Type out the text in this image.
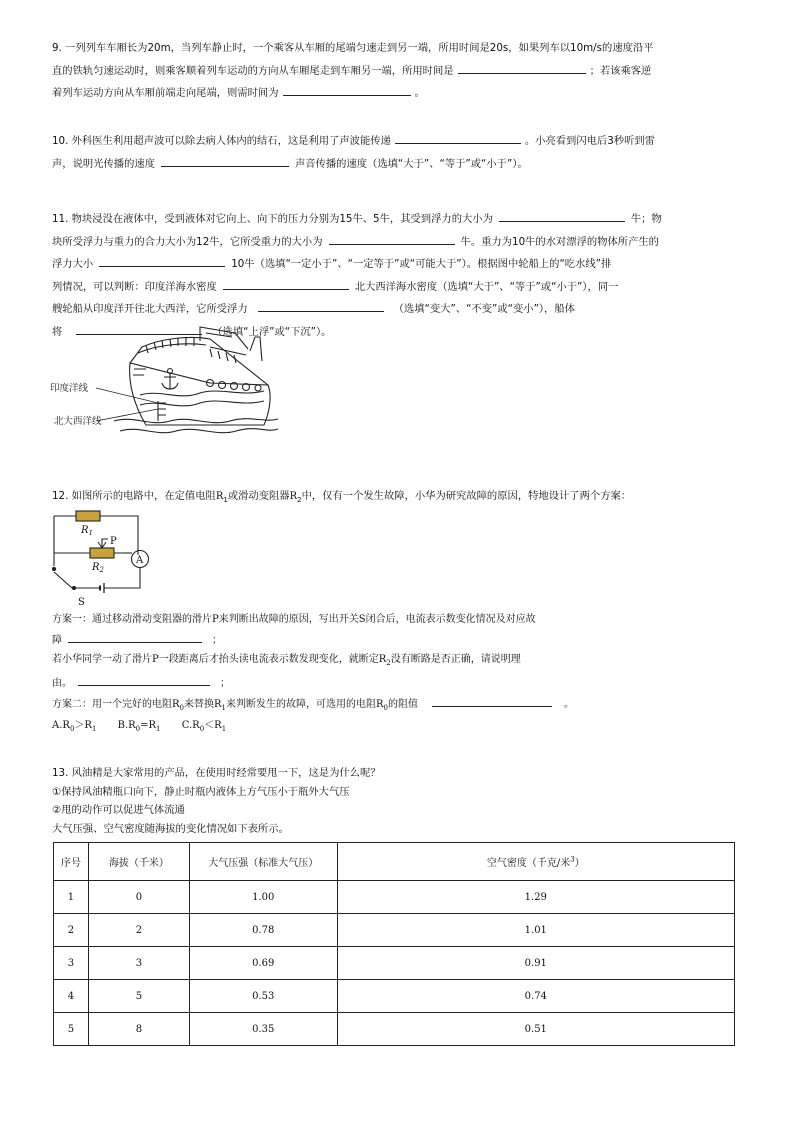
9. 一列列车车厢长为20m，当列车静止时，一个乘客从车厢的尾端匀速走到另一端，所用时间是20s，如果列车以10m/s的速度沿平
直的铁轨匀速运动时，则乘客顺着列车运动的方向从车厢尾走到车厢另一端，所用时间是	；若该乘客逆
着列车运动方向从车厢前端走向尾端，则需时间为	。
10. 外科医生利用超声波可以除去病人体内的结石，这是利用了声波能传递	。小亮看到闪电后3秒听到雷
声，说明光传播的速度	声音传播的速度（选填“大于”、“等于”或“小于”）。
11. 物块浸没在液体中，受到液体对它向上、向下的压力分别为15牛、5牛，其受到浮力的大小为	牛；物
块所受浮力与重力的合力大小为12牛，它所受重力的大小为	牛。重力为10牛的水对漂浮的物体所产生的
浮力大小	10牛（选填“一定小于”、“一定等于”或“可能大于”）。根据图中轮船上的“吃水线”排
列情况，可以判断：印度洋海水密度	北大西洋海水密度（选填“大于”、“等于”或“小于”），同一
艘轮船从印度洋开往北大西洋，它所受浮力	（选填“变大”、“不变”或“变小”），船体
将	（选填“上浮”或“下沉”）。
印度洋线
北大西洋线
12. 如图所示的电路中，在定值电阻$R_1$或滑动变阻器$R_2$中，仅有一个发生故障，小华为研究故障的原因，特地设计了两个方案：
$R_1$
P
$R_2$
A
S
方案一：通过移动滑动变阻器的滑片P来判断出故障的原因，写出开关S闭合后，电流表示数变化情况及对应故
障	；
若小华同学一动了滑片P一段距离后才抬头读电流表示数发现变化，就断定$R_2$没有断路是否正确，请说明理
由。	；
方案二：用一个完好的电阻$R_0$来替换$R_1$来判断发生的故障，可选用的电阻$R_0$的阻值	。
$A.R_0>R_1$ $B.R_0=R_1$ $C.R_0<R_1$
13. 风油精是大家常用的产品，在使用时经常要甩一下，这是为什么呢？
①保持风油精瓶口向下，静止时瓶内液体上方气压小于瓶外大气压
②甩的动作可以促进气体流通
大气压强、空气密度随海拔的变化情况如下表所示。
序号	海拔（千米）	大气压强（标准大气压）	空气密度（千克/米$^3$）
1	0	1.00	1.29
2	2	0.78	1.01
3	3	0.69	0.91
4	5	0.53	0.74
5	8	0.35	0.51
